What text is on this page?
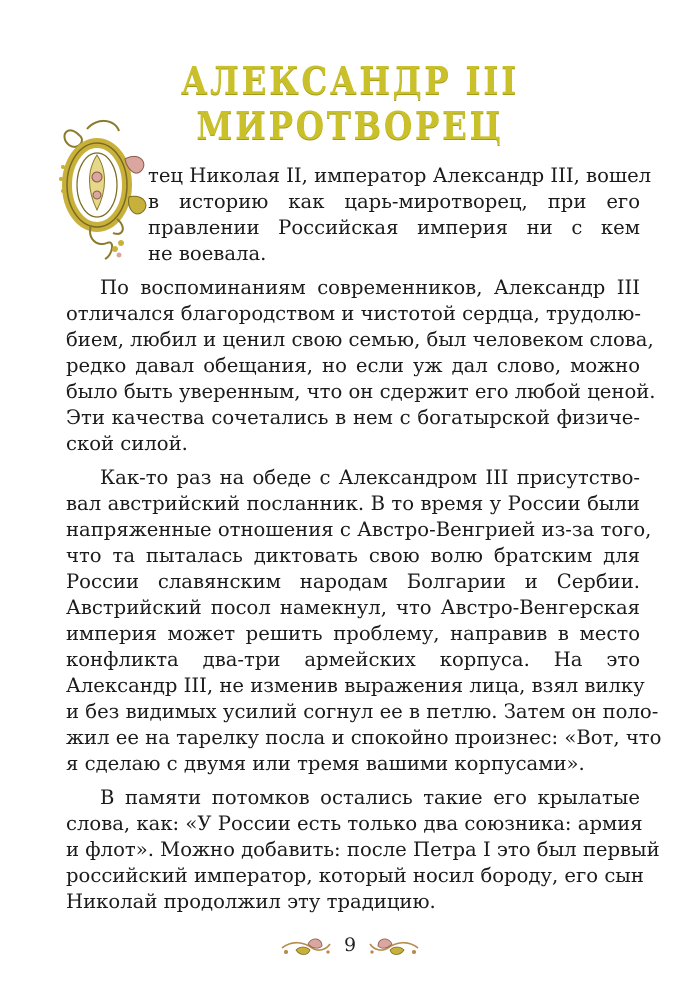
АЛЕКСАНДР III МИРОТВОРЕЦ
О
тец Николая II, император Александр III, вошел
в историю как царь-миротворец, при его
правлении Российская империя ни с кем
не воевала.
По воспоминаниям современников, Александр III
отличался благородством и чистотой сердца, трудолю-
бием, любил и ценил свою семью, был человеком слова,
редко давал обещания, но если уж дал слово, можно
было быть уверенным, что он сдержит его любой ценой.
Эти качества сочетались в нем с богатырской физиче-
ской силой.
Как-то раз на обеде с Александром III присутство-
вал австрийский посланник. В то время у России были
напряженные отношения с Австро-Венгрией из-за того,
что та пыталась диктовать свою волю братским для
России славянским народам Болгарии и Сербии.
Австрийский посол намекнул, что Австро-Венгерская
империя может решить проблему, направив в место
конфликта два-три армейских корпуса. На это
Александр III, не изменив выражения лица, взял вилку
и без видимых усилий согнул ее в петлю. Затем он поло-
жил ее на тарелку посла и спокойно произнес: «Вот, что
я сделаю с двумя или тремя вашими корпусами».
В памяти потомков остались такие его крылатые
слова, как: «У России есть только два союзника: армия
и флот». Можно добавить: после Петра I это был первый
российский император, который носил бороду, его сын
Николай продолжил эту традицию.
9
